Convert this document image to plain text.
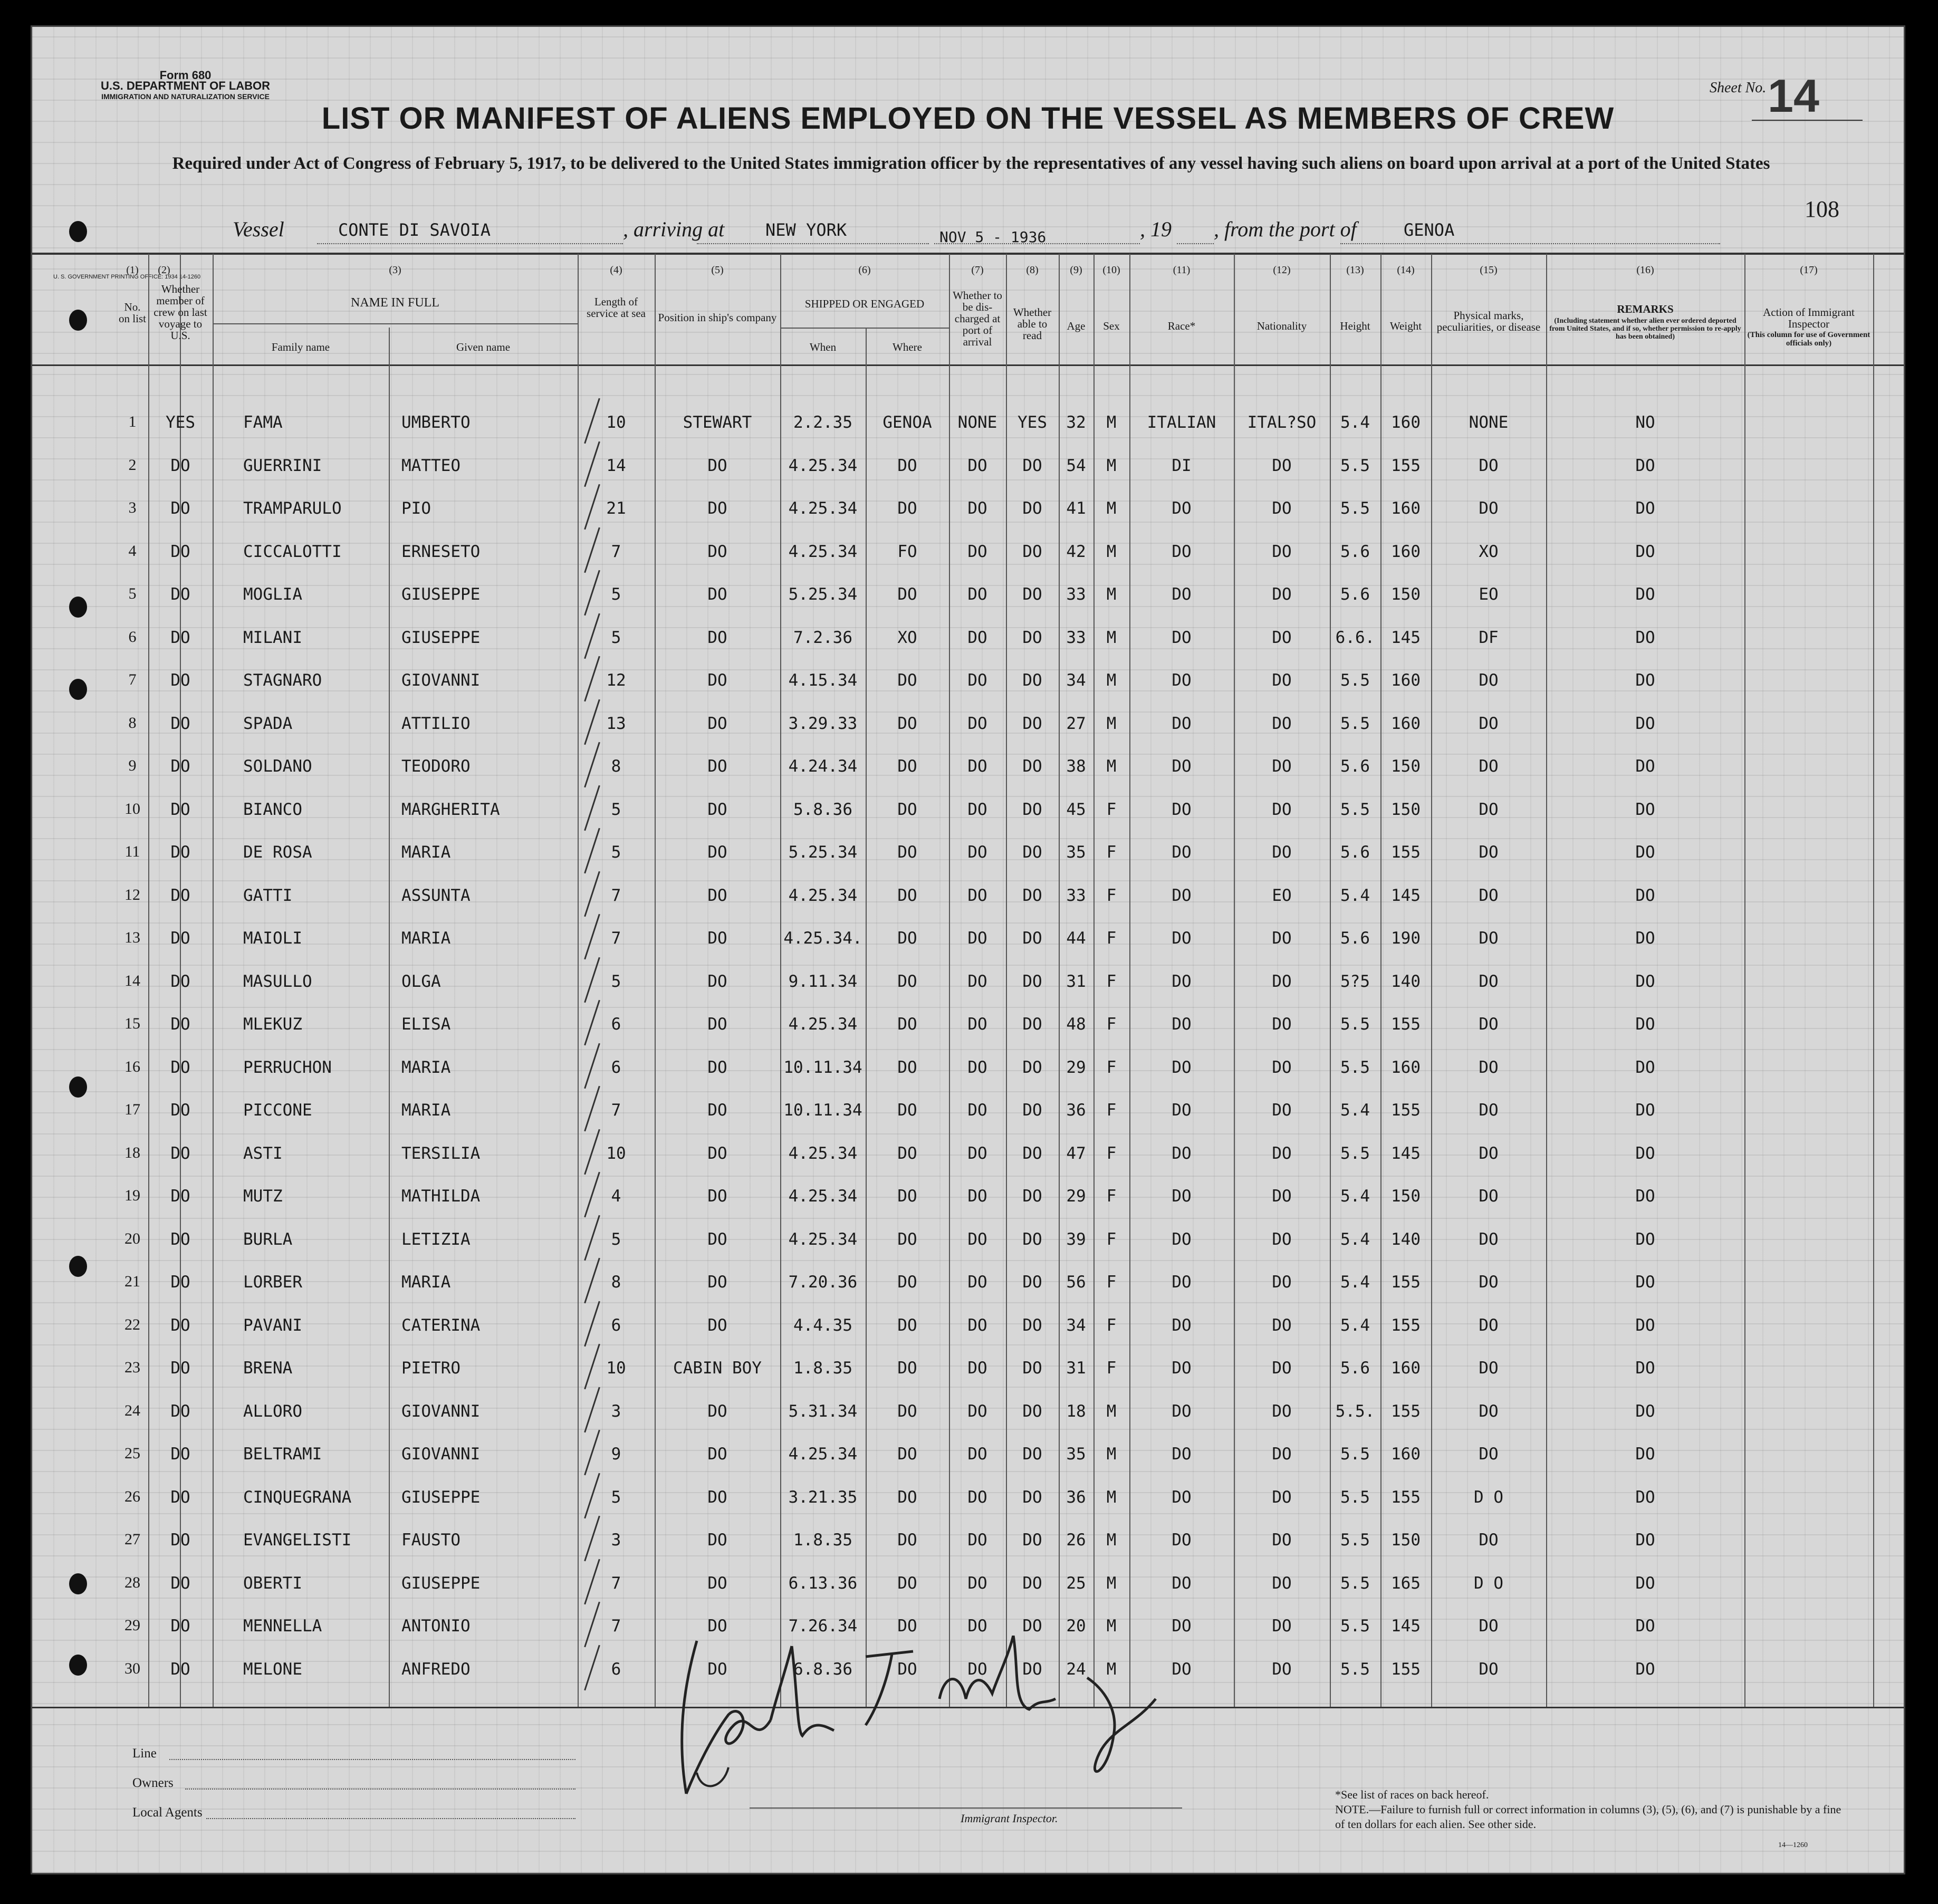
Form 680
U.S. DEPARTMENT OF LABOR
IMMIGRATION AND NATURALIZATION SERVICE
U. S. GOVERNMENT PRINTING OFFICE: 1934 14-1260
Sheet No. 14
LIST OR MANIFEST OF ALIENS EMPLOYED ON THE VESSEL AS MEMBERS OF CREW
Required under Act of Congress of February 5, 1917, to be delivered to the United States immigration officer by the representatives of any vessel having such aliens on board upon arrival at a port of the United States
108
Vessel	CONTE DI SAVOIA	, arriving at NEW YORK	NOV 5 - 1936	, 19 , from the port of	GENOA
(1)	(2)	(3)	(4)	(5)	(6)	(7)	(8)	(9)	(10)	(11)	(12)	(13)	(14)	(15)	(16)	(17)
No. on list
Whether member of crew on last voyage to U.S.
NAME IN FULL
Family name	Given name
Length of service at sea	Position in ship's company
SHIPPED OR ENGAGED
When	Where
Whether to be dis-charged at port of arrival
Whether able to read
Age	Sex	Race*	Nationality	Height	Weight
Physical marks, peculiarities, or disease
REMARKS
(Including statement whether alien ever ordered deported from United States, and if so, whether permission to re-apply has been obtained)
Action of Immigrant Inspector
(This column for use of Government officials only)
1	YES	FAMA	UMBERTO	10	STEWART	2.2.35	GENOA	NONE	YES	32	M	ITALIAN	ITAL?SO	5.4	160	NONE	NO
2	DO	GUERRINI	MATTEO	14	DO	4.25.34	DO	DO	DO	54	M	DI	DO	5.5	155	DO	DO
3	DO	TRAMPARULO	PIO	21	DO	4.25.34	DO	DO	DO	41	M	DO	DO	5.5	160	DO	DO
4	DO	CICCALOTTI	ERNESETO	7	DO	4.25.34	FO	DO	DO	42	M	DO	DO	5.6	160	XO	DO
5	DO	MOGLIA	GIUSEPPE	5	DO	5.25.34	DO	DO	DO	33	M	DO	DO	5.6	150	EO	DO
6	DO	MILANI	GIUSEPPE	5	DO	7.2.36	XO	DO	DO	33	M	DO	DO	6.6. 145	DF	DO
7	DO	STAGNARO	GIOVANNI	12	DO	4.15.34	DO	DO	DO	34	M	DO	DO	5.5	160	DO	DO
8	DO	SPADA	ATTILIO	13	DO	3.29.33	DO	DO	DO	27	M	DO	DO	5.5	160	DO	DO
9	DO	SOLDANO	TEODORO	8	DO	4.24.34	DO	DO	DO	38	M	DO	DO	5.6	150	DO	DO
10	DO	BIANCO	MARGHERITA	5	DO	5.8.36	DO	DO	DO	45	F	DO	DO	5.5	150	DO	DO
11	DO	DE ROSA	MARIA	5	DO	5.25.34	DO	DO	DO	35	F	DO	DO	5.6	155	DO	DO
12	DO	GATTI	ASSUNTA	7	DO	4.25.34	DO	DO	DO	33	F	DO	EO	5.4	145	DO	DO
13	DO	MAIOLI	MARIA	7	DO	4.25.34.	DO	DO	DO	44	F	DO	DO	5.6	190	DO	DO
14	DO	MASULLO	OLGA	5	DO	9.11.34	DO	DO	DO	31	F	DO	DO	5?5	140	DO	DO
15	DO	MLEKUZ	ELISA	6	DO	4.25.34	DO	DO	DO	48	F	DO	DO	5.5	155	DO	DO
16	DO	PERRUCHON	MARIA	6	DO	10.11.34	DO	DO	DO	29	F	DO	DO	5.5	160	DO	DO
17	DO	PICCONE	MARIA	7	DO	10.11.34	DO	DO	DO	36	F	DO	DO	5.4	155	DO	DO
18	DO	ASTI	TERSILIA	10	DO	4.25.34	DO	DO	DO	47	F	DO	DO	5.5	145	DO	DO
19	DO	MUTZ	MATHILDA	4	DO	4.25.34	DO	DO	DO	29	F	DO	DO	5.4	150	DO	DO
20	DO	BURLA	LETIZIA	5	DO	4.25.34	DO	DO	DO	39	F	DO	DO	5.4	140	DO	DO
21	DO	LORBER	MARIA	8	DO	7.20.36	DO	DO	DO	56	F	DO	DO	5.4	155	DO	DO
22	DO	PAVANI	CATERINA	6	DO	4.4.35	DO	DO	DO	34	F	DO	DO	5.4	155	DO	DO
23	DO	BRENA	PIETRO	10	CABIN BOY	1.8.35	DO	DO	DO	31	F	DO	DO	5.6	160	DO	DO
24	DO	ALLORO	GIOVANNI	3	DO	5.31.34	DO	DO	DO	18	M	DO	DO	5.5. 155	DO	DO
25	DO	BELTRAMI	GIOVANNI	9	DO	4.25.34	DO	DO	DO	35	M	DO	DO	5.5	160	DO	DO
26	DO	CINQUEGRANA	GIUSEPPE	5	DO	3.21.35	DO	DO	DO	36	M	DO	DO	5.5	155	D O	DO
27	DO	EVANGELISTI	FAUSTO	3	DO	1.8.35	DO	DO	DO	26	M	DO	DO	5.5	150	DO	DO
28	DO	OBERTI	GIUSEPPE	7	DO	6.13.36	DO	DO	DO	25	M	DO	DO	5.5	165	D O	DO
29	DO	MENNELLA	ANTONIO	7	DO	7.26.34	DO	DO	DO	20	M	DO	DO	5.5	145	DO	DO
30	DO	MELONE	ANFREDO	6	DO	6.8.36	DO	DO	DO	24	M	DO	DO	5.5	155	DO	DO
Line
Owners
Local Agents	Immigrant Inspector.
*See list of races on back hereof.
NOTE.—Failure to furnish full or correct information in columns (3), (5), (6), and (7) is punishable by a fine of ten dollars for each alien. See other side.
14—1260
